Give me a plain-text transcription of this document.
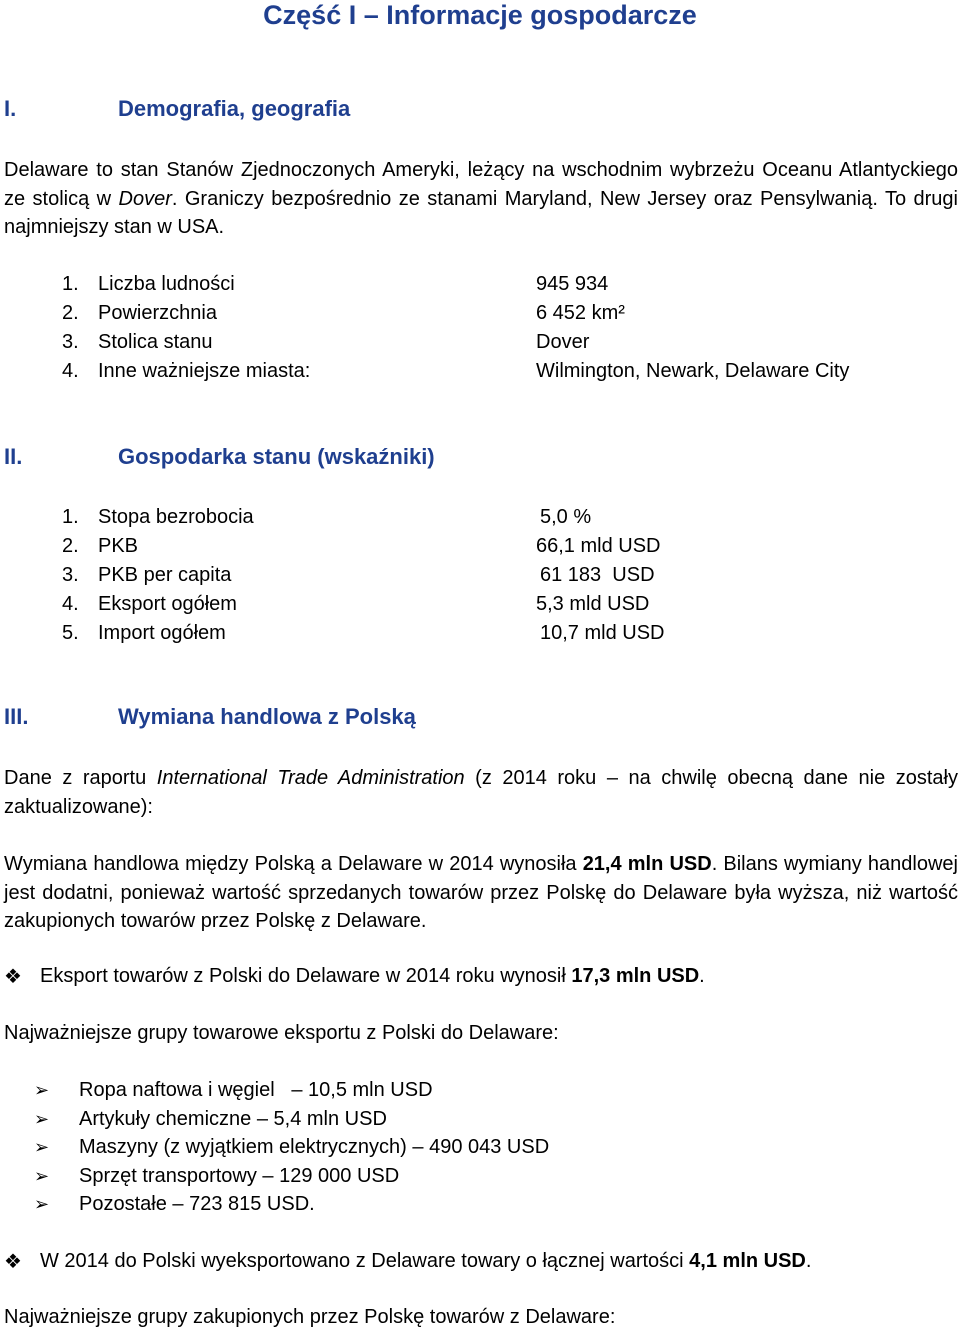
Część I – Informacje gospodarcze
I.	Demografia, geografia
Delaware to stan Stanów Zjednoczonych Ameryki, leżący na wschodnim wybrzeżu Oceanu Atlantyckiego ze stolicą w Dover. Graniczy bezpośrednio ze stanami Maryland, New Jersey oraz Pensylwanią. To drugi najmniejszy stan w USA.
1. Liczba ludności	945 934
2. Powierzchnia	6 452 km²
3. Stolica stanu	Dover
4. Inne ważniejsze miasta:	Wilmington, Newark, Delaware City
II.	Gospodarka stanu (wskaźniki)
1. Stopa bezrobocia	5,0 %
2. PKB	66,1 mld USD
3. PKB per capita	61 183  USD
4. Eksport ogółem	5,3 mld USD
5. Import ogółem	10,7 mld USD
III.	Wymiana handlowa z Polską
Dane z raportu International Trade Administration (z 2014 roku – na chwilę obecną dane nie zostały zaktualizowane):
Wymiana handlowa między Polską a Delaware w 2014 wynosiła 21,4 mln USD. Bilans wymiany handlowej jest dodatni, ponieważ wartość sprzedanych towarów przez Polskę do Delaware była wyższa, niż wartość zakupionych towarów przez Polskę z Delaware.
❖ Eksport towarów z Polski do Delaware w 2014 roku wynosił 17,3 mln USD.
Najważniejsze grupy towarowe eksportu z Polski do Delaware:
➢ Ropa naftowa i węgiel   – 10,5 mln USD
➢ Artykuły chemiczne – 5,4 mln USD
➢ Maszyny (z wyjątkiem elektrycznych) – 490 043 USD
➢ Sprzęt transportowy – 129 000 USD
➢ Pozostałe – 723 815 USD.
❖ W 2014 do Polski wyeksportowano z Delaware towary o łącznej wartości 4,1 mln USD.
Najważniejsze grupy zakupionych przez Polskę towarów z Delaware:
